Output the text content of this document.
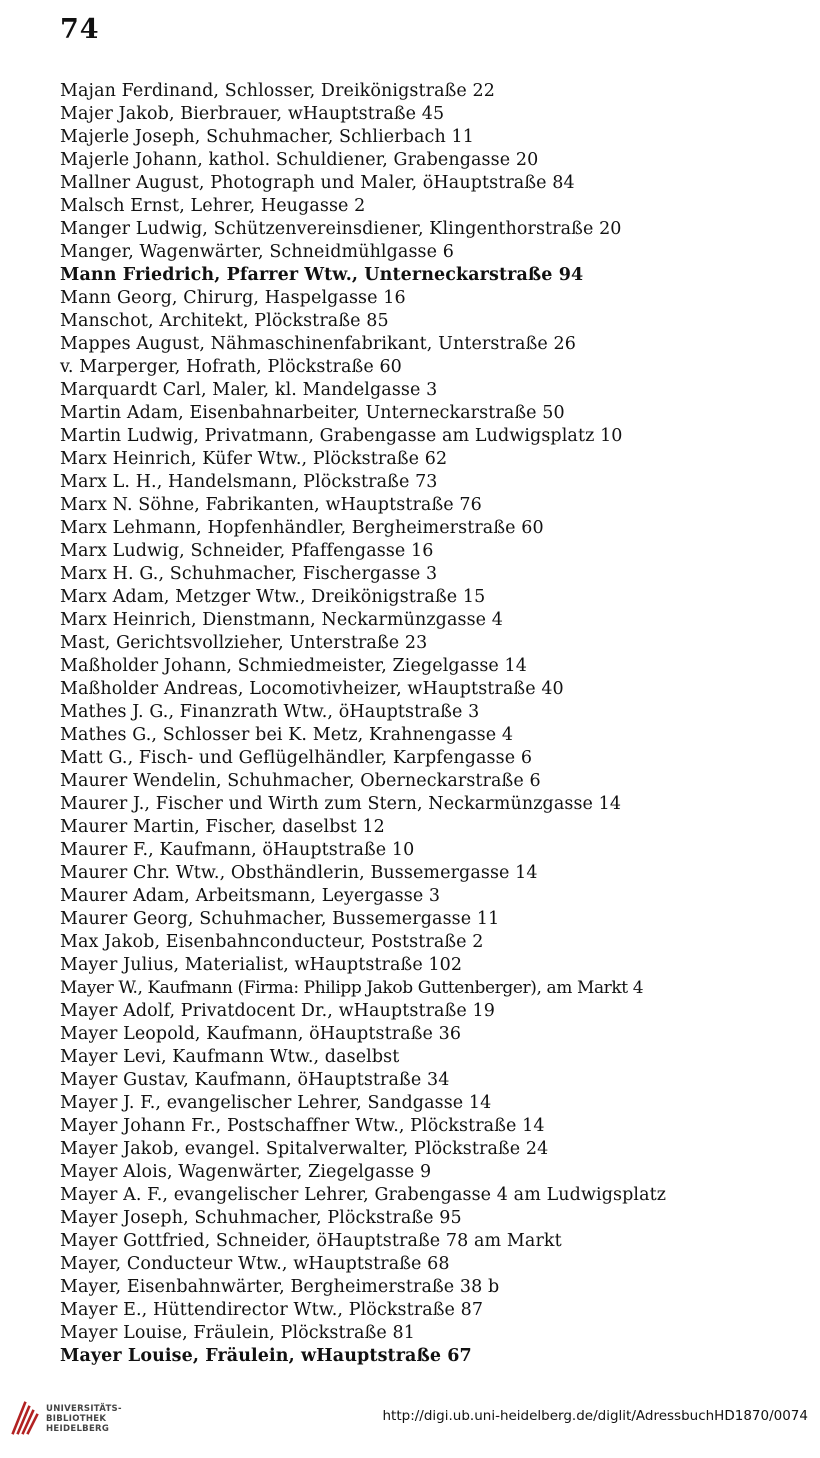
74
Majan Ferdinand, Schlosser, Dreikönigstraße 22
Majer Jakob, Bierbrauer, wHauptstraße 45
Majerle Joseph, Schuhmacher, Schlierbach 11
Majerle Johann, kathol. Schuldiener, Grabengasse 20
Mallner August, Photograph und Maler, öHauptstraße 84
Malsch Ernst, Lehrer, Heugasse 2
Manger Ludwig, Schützenvereinsdiener, Klingenthorstraße 20
Manger, Wagenwärter, Schneidmühlgasse 6
Mann Friedrich, Pfarrer Wtw., Unterneckarstraße 94
Mann Georg, Chirurg, Haspelgasse 16
Manschot, Architekt, Plöckstraße 85
Mappes August, Nähmaschinenfabrikant, Unterstraße 26
v. Marperger, Hofrath, Plöckstraße 60
Marquardt Carl, Maler, kl. Mandelgasse 3
Martin Adam, Eisenbahnarbeiter, Unterneckarstraße 50
Martin Ludwig, Privatmann, Grabengasse am Ludwigsplatz 10
Marx Heinrich, Küfer Wtw., Plöckstraße 62
Marx L. H., Handelsmann, Plöckstraße 73
Marx N. Söhne, Fabrikanten, wHauptstraße 76
Marx Lehmann, Hopfenhändler, Bergheimerstraße 60
Marx Ludwig, Schneider, Pfaffengasse 16
Marx H. G., Schuhmacher, Fischergasse 3
Marx Adam, Metzger Wtw., Dreikönigstraße 15
Marx Heinrich, Dienstmann, Neckarmünzgasse 4
Mast, Gerichtsvollzieher, Unterstraße 23
Maßholder Johann, Schmiedmeister, Ziegelgasse 14
Maßholder Andreas, Locomotivheizer, wHauptstraße 40
Mathes J. G., Finanzrath Wtw., öHauptstraße 3
Mathes G., Schlosser bei K. Metz, Krahnengasse 4
Matt G., Fisch- und Geflügelhändler, Karpfengasse 6
Maurer Wendelin, Schuhmacher, Oberneckarstraße 6
Maurer J., Fischer und Wirth zum Stern, Neckarmünzgasse 14
Maurer Martin, Fischer, daselbst 12
Maurer F., Kaufmann, öHauptstraße 10
Maurer Chr. Wtw., Obsthändlerin, Bussemergasse 14
Maurer Adam, Arbeitsmann, Leyergasse 3
Maurer Georg, Schuhmacher, Bussemergasse 11
Max Jakob, Eisenbahnconducteur, Poststraße 2
Mayer Julius, Materialist, wHauptstraße 102
Mayer W., Kaufmann (Firma: Philipp Jakob Guttenberger), am Markt 4
Mayer Adolf, Privatdocent Dr., wHauptstraße 19
Mayer Leopold, Kaufmann, öHauptstraße 36
Mayer Levi, Kaufmann Wtw., daselbst
Mayer Gustav, Kaufmann, öHauptstraße 34
Mayer J. F., evangelischer Lehrer, Sandgasse 14
Mayer Johann Fr., Postschaffner Wtw., Plöckstraße 14
Mayer Jakob, evangel. Spitalverwalter, Plöckstraße 24
Mayer Alois, Wagenwärter, Ziegelgasse 9
Mayer A. F., evangelischer Lehrer, Grabengasse 4 am Ludwigsplatz
Mayer Joseph, Schuhmacher, Plöckstraße 95
Mayer Gottfried, Schneider, öHauptstraße 78 am Markt
Mayer, Conducteur Wtw., wHauptstraße 68
Mayer, Eisenbahnwärter, Bergheimerstraße 38 b
Mayer E., Hüttendirector Wtw., Plöckstraße 87
Mayer Louise, Fräulein, Plöckstraße 81
Mayer Louise, Fräulein, wHauptstraße 67
UNIVERSITÄTS-
BIBLIOTHEK
HEIDELBERG
http://digi.ub.uni-heidelberg.de/diglit/AdressbuchHD1870/0074
